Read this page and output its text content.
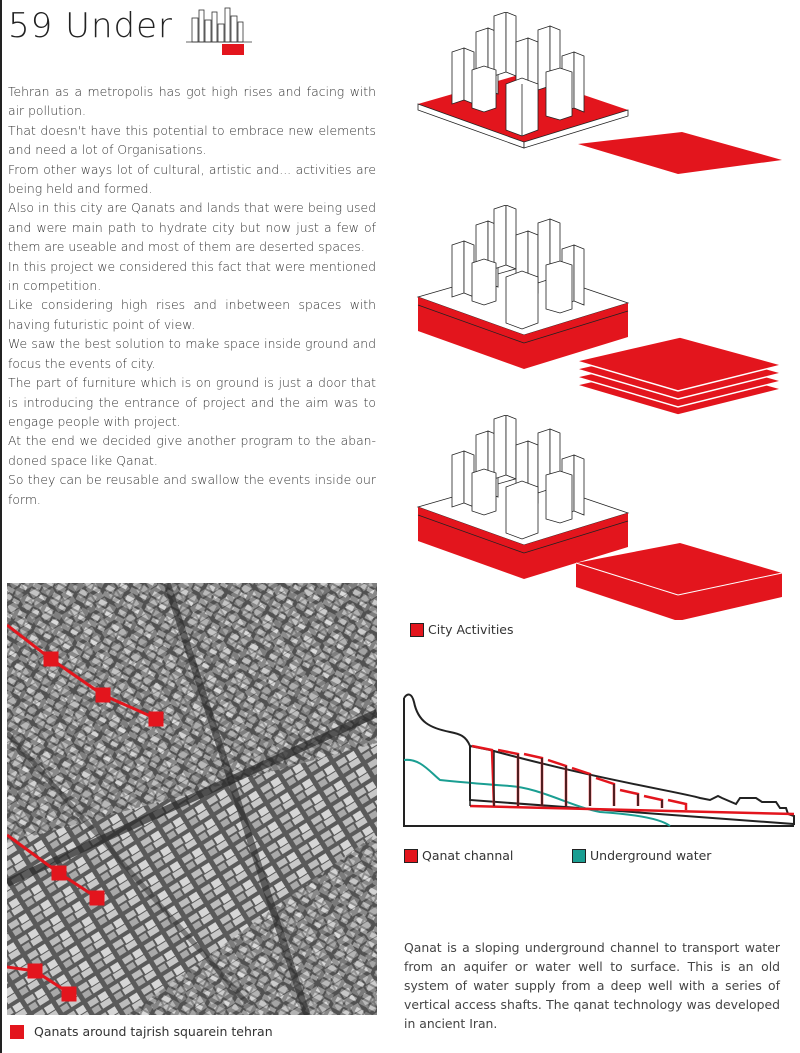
59 Under

Tehran as a metropolis has got high rises and facing with air pollution.

That doesn't have this potential to embrace new elements and need a lot of Organisations.

From other ways lot of cultural, artistic and... activities are being held and formed.

Also in this city are Qanats and lands that were being used and were main path to hydrate city but now just a few of them are useable and most of them are deserted spaces.

In this project we considered this fact that were mentioned in competition.

Like considering high rises and inbetween spaces with having futuristic point of view.

We saw the best solution to make space inside ground and focus the events of city.

The part of furniture which is on ground is just a door that is introducing the entrance of project and the aim was to engage people with project.

At the end we decided give another program to the aban- doned space like Qanat.

So they can be reusable and swallow the events inside our form.

City Activities
Qanats around tajrish squarein tehran
Qanat channal	Underground water

Qanat is a sloping underground channel to transport water from an aquifer or water well to surface. This is an old system of water supply from a deep well with a series of vertical access shafts. The qanat technology was developed in ancient Iran.
